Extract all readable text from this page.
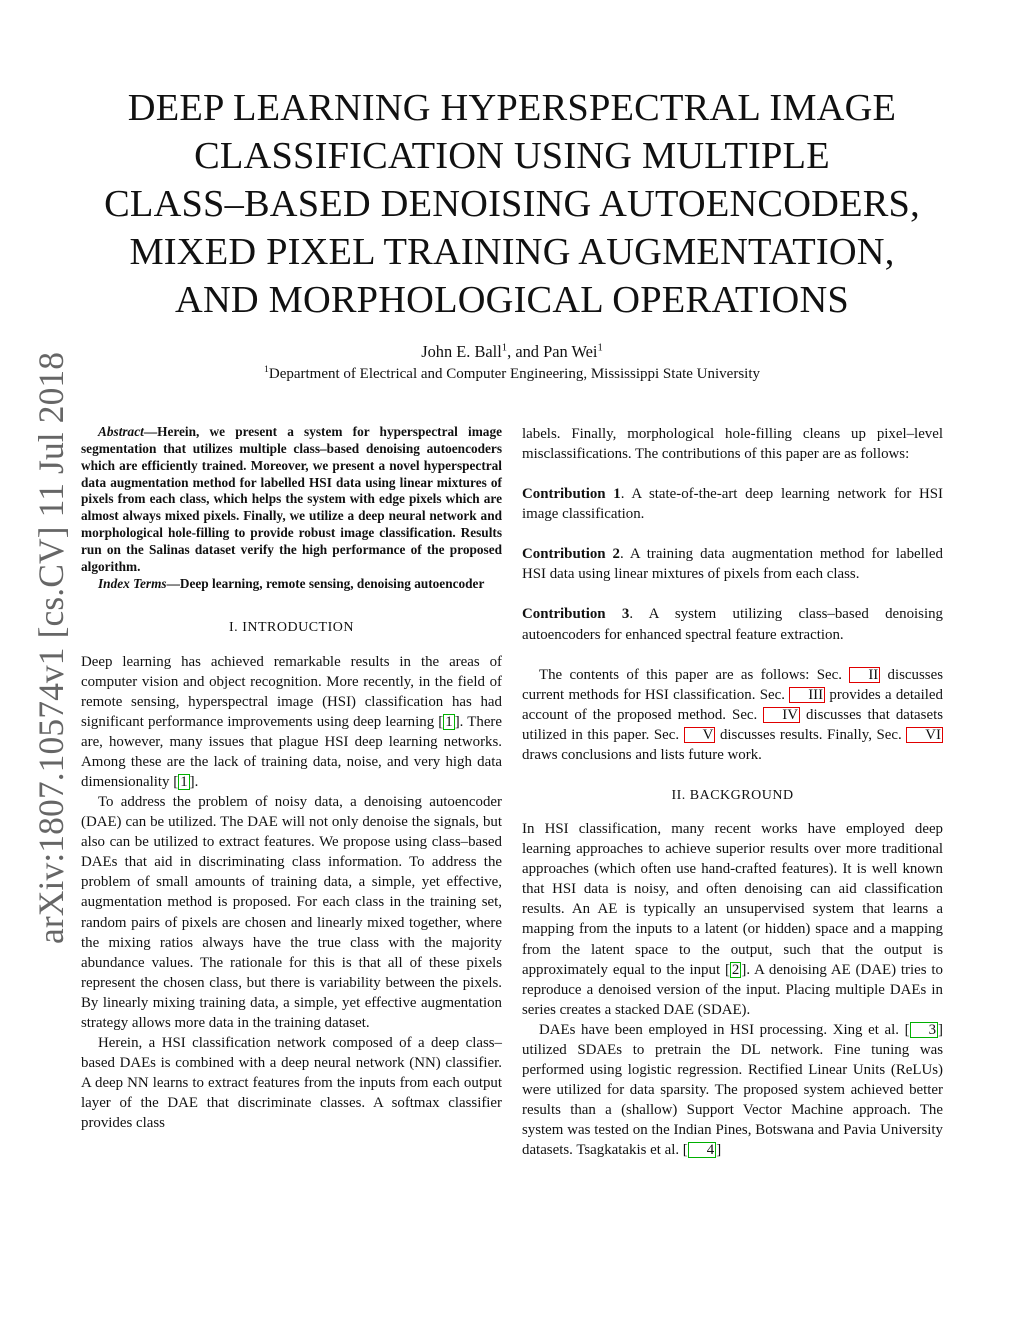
arXiv:1807.10574v1 [cs.CV] 11 Jul 2018
DEEP LEARNING HYPERSPECTRAL IMAGE
CLASSIFICATION USING MULTIPLE
CLASS–BASED DENOISING AUTOENCODERS,
MIXED PIXEL TRAINING AUGMENTATION,
AND MORPHOLOGICAL OPERATIONS
John E. Ball$^1$, and Pan Wei$^1$
$^1$Department of Electrical and Computer Engineering, Mississippi State University

Abstract—Herein, we present a system for hyperspectral image segmentation that utilizes multiple class–based denoising autoencoders which are efficiently trained. Moreover, we present a novel hyperspectral data augmentation method for labelled HSI data using linear mixtures of pixels from each class, which helps the system with edge pixels which are almost always mixed pixels. Finally, we utilize a deep neural network and morphological hole-filling to provide robust image classification. Results run on the Salinas dataset verify the high performance of the proposed algorithm.

Index Terms—Deep learning, remote sensing, denoising autoencoder

I. INTRODUCTION

Deep learning has achieved remarkable results in the areas of computer vision and object recognition. More recently, in the field of remote sensing, hyperspectral image (HSI) classification has had significant performance improvements using deep learning [ 1 ]. There are, however, many issues that plague HSI deep learning networks. Among these are the lack of training data, noise, and very high data dimensionality [ 1 ].

To address the problem of noisy data, a denoising autoencoder (DAE) can be utilized. The DAE will not only denoise the signals, but also can be utilized to extract features. We propose using class–based DAEs that aid in discriminating class information. To address the problem of small amounts of training data, a simple, yet effective, augmentation method is proposed. For each class in the training set, random pairs of pixels are chosen and linearly mixed together, where the mixing ratios always have the true class with the majority abundance values. The rationale for this is that all of these pixels represent the chosen class, but there is variability between the pixels. By linearly mixing training data, a simple, yet effective augmentation strategy allows more data in the training dataset.

Herein, a HSI classification network composed of a deep class–based DAEs is combined with a deep neural network (NN) classifier. A deep NN learns to extract features from the inputs from each output layer of the DAE that discriminate classes. A softmax classifier provides class

labels. Finally, morphological hole-filling cleans up pixel–level misclassifications. The contributions of this paper are as follows:

Contribution 1. A state-of-the-art deep learning network for HSI image classification.

Contribution 2. A training data augmentation method for labelled HSI data using linear mixtures of pixels from each class.

Contribution 3. A system utilizing class–based denoising autoencoders for enhanced spectral feature extraction.

The contents of this paper are as follows: Sec. II discusses current methods for HSI classification. Sec. III provides a detailed account of the proposed method. Sec. IV discusses that datasets utilized in this paper. Sec. V discusses results. Finally, Sec. VI draws conclusions and lists future work.

II. BACKGROUND

In HSI classification, many recent works have employed deep learning approaches to achieve superior results over more traditional approaches (which often use hand-crafted features). It is well known that HSI data is noisy, and often denoising can aid classification results. An AE is typically an unsupervised system that learns a mapping from the inputs to a latent (or hidden) space and a mapping from the latent space to the output, such that the output is approximately equal to the input [ 2 ]. A denoising AE (DAE) tries to reproduce a denoised version of the input. Placing multiple DAEs in series creates a stacked DAE (SDAE).

DAEs have been employed in HSI processing. Xing et al. [ 3 ] utilized SDAEs to pretrain the DL network. Fine tuning was performed using logistic regression. Rectified Linear Units (ReLUs) were utilized for data sparsity. The proposed system achieved better results than a (shallow) Support Vector Machine approach. The system was tested on the Indian Pines, Botswana and Pavia University datasets. Tsagkatakis et al. [ 4 ]
